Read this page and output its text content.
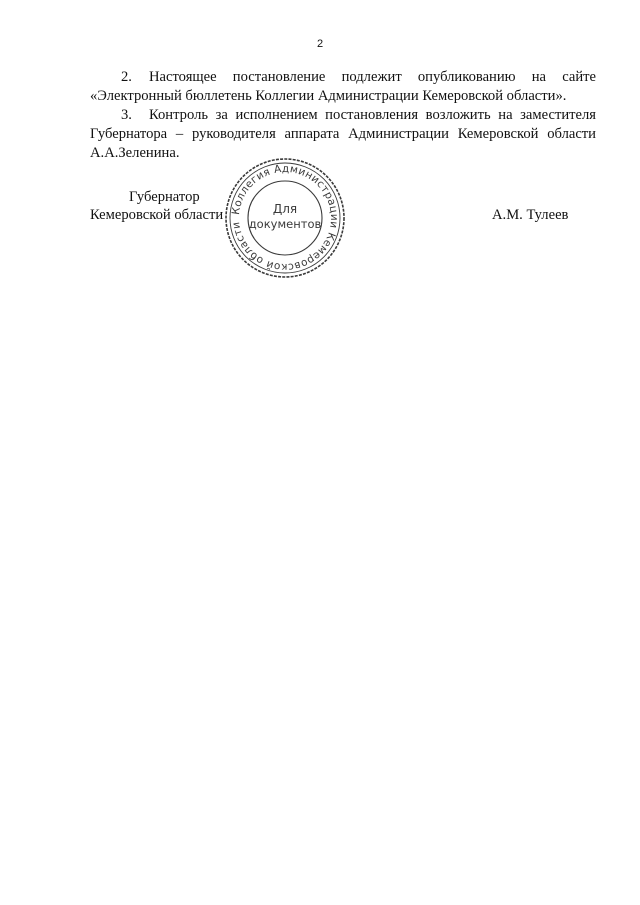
2

2. Настоящее постановление подлежит опубликованию на сайте «Электронный бюллетень Коллегии Администрации Кемеровской области».

3. Контроль за исполнением постановления возложить на заместителя Губернатора – руководителя аппарата Администрации Кемеровской области А.А.Зеленина.

Губернатор
Кемеровской области	А.М. Тулеев
Коллегия Администрации Кемеровской области
Для
документов
